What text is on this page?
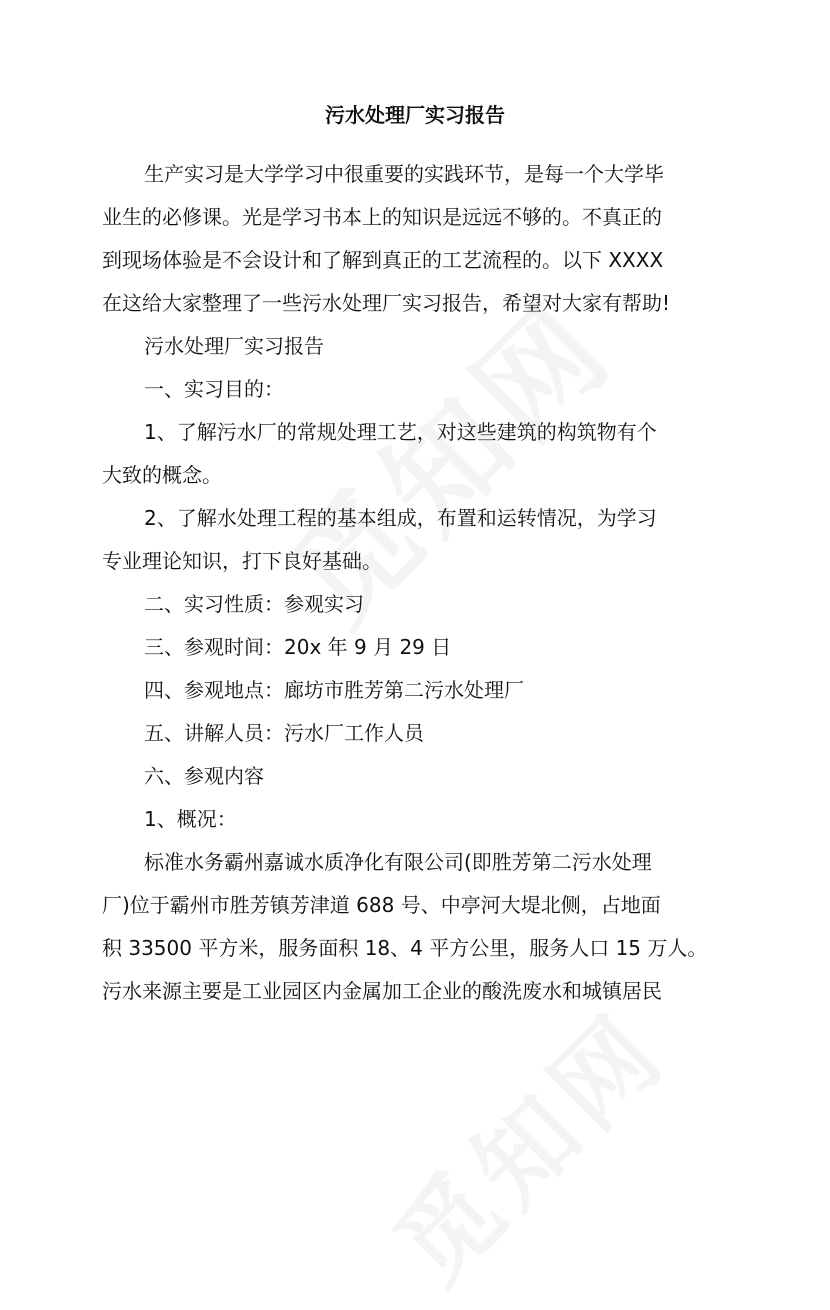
污水处理厂实习报告

生产实习是大学学习中很重要的实践环节，是每一个大学毕

业生的必修课。光是学习书本上的知识是远远不够的。不真正的

到现场体验是不会设计和了解到真正的工艺流程的。以下 XXXX

在这给大家整理了一些污水处理厂实习报告，希望对大家有帮助!

污水处理厂实习报告

一、实习目的：

1、了解污水厂的常规处理工艺，对这些建筑的构筑物有个

大致的概念。

2、了解水处理工程的基本组成，布置和运转情况，为学习

专业理论知识，打下良好基础。

二、实习性质：参观实习

三、参观时间：20x 年 9 月 29 日

四、参观地点：廊坊市胜芳第二污水处理厂

五、讲解人员：污水厂工作人员

六、参观内容

1、概况：

标准水务霸州嘉诚水质净化有限公司(即胜芳第二污水处理

厂)位于霸州市胜芳镇芳津道 688 号、中亭河大堤北侧，占地面

积 33500 平方米，服务面积 18、4 平方公里，服务人口 15 万人。

污水来源主要是工业园区内金属加工企业的酸洗废水和城镇居民
